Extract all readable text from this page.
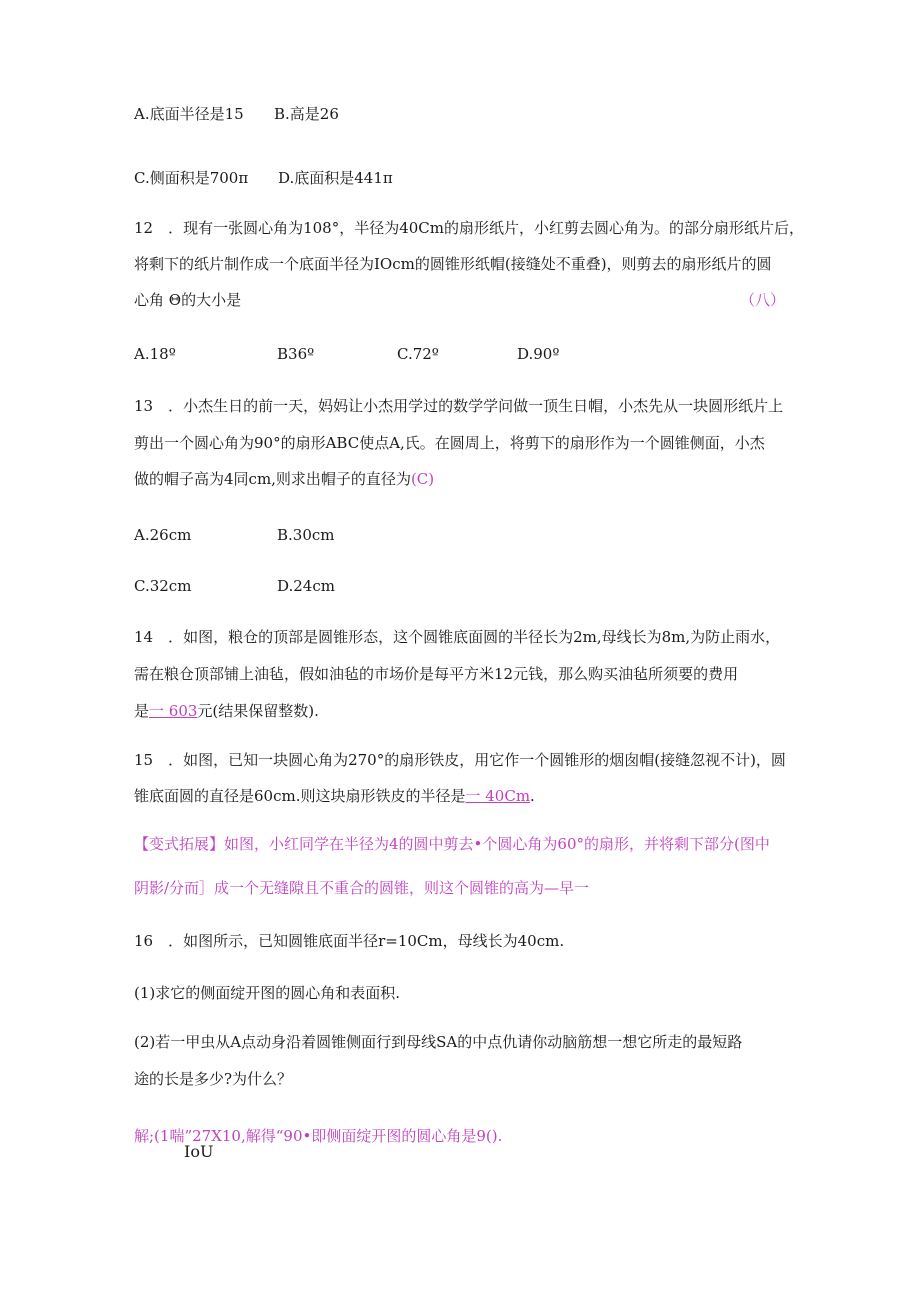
A.底面半径是15 B.高是26
C.侧面积是700π D.底面积是441π
12　．现有一张圆心角为108°，半径为40Cm的扇形纸片，小红剪去圆心角为。的部分扇形纸片后，
将剩下的纸片制作成一个底面半径为IOcm的圆锥形纸帽(接缝处不重叠)，则剪去的扇形纸片的圆
心角 Θ的大小是	（八）
A.18º	B36º	C.72º	D.90º
13　．小杰生日的前一天，妈妈让小杰用学过的数学学问做一顶生日帽，小杰先从一块圆形纸片上
剪出一个圆心角为90°的扇形ABC使点A,氏。在圆周上，将剪下的扇形作为一个圆锥侧面，小杰
做的帽子高为4同cm,则求出帽子的直径为(C)
A.26cm	B.30cm
C.32cm	D.24cm
14　．如图，粮仓的顶部是圆锥形态，这个圆锥底面圆的半径长为2m,母线长为8m,为防止雨水，
需在粮仓顶部铺上油毡，假如油毡的市场价是每平方米12元钱，那么购买油毡所须要的费用
是一 603元(结果保留整数).
15　．如图，已知一块圆心角为270°的扇形铁皮，用它作一个圆锥形的烟囱帽(接缝忽视不计)，圆
锥底面圆的直径是60cm.则这块扇形铁皮的半径是一 40Cm.
【变式拓展】如图，小红同学在半径为4的圆中剪去•个圆心角为60°的扇形，并将剩下部分(图中
阴影/分而］成一个无缝隙且不重合的圆锥，则这个圆锥的高为—早一
16　．如图所示，已知圆锥底面半径r=10Cm，母线长为40cm.
(1)求它的侧面绽开图的圆心角和表面积.
(2)若一甲虫从A点动身沿着圆锥侧面行到母线SA的中点仇请你动脑筋想一想它所走的最短路
途的长是多少?为什么？
解;(1喘”27X10,解得“90•即侧面绽开图的圆心角是9().
IoU
